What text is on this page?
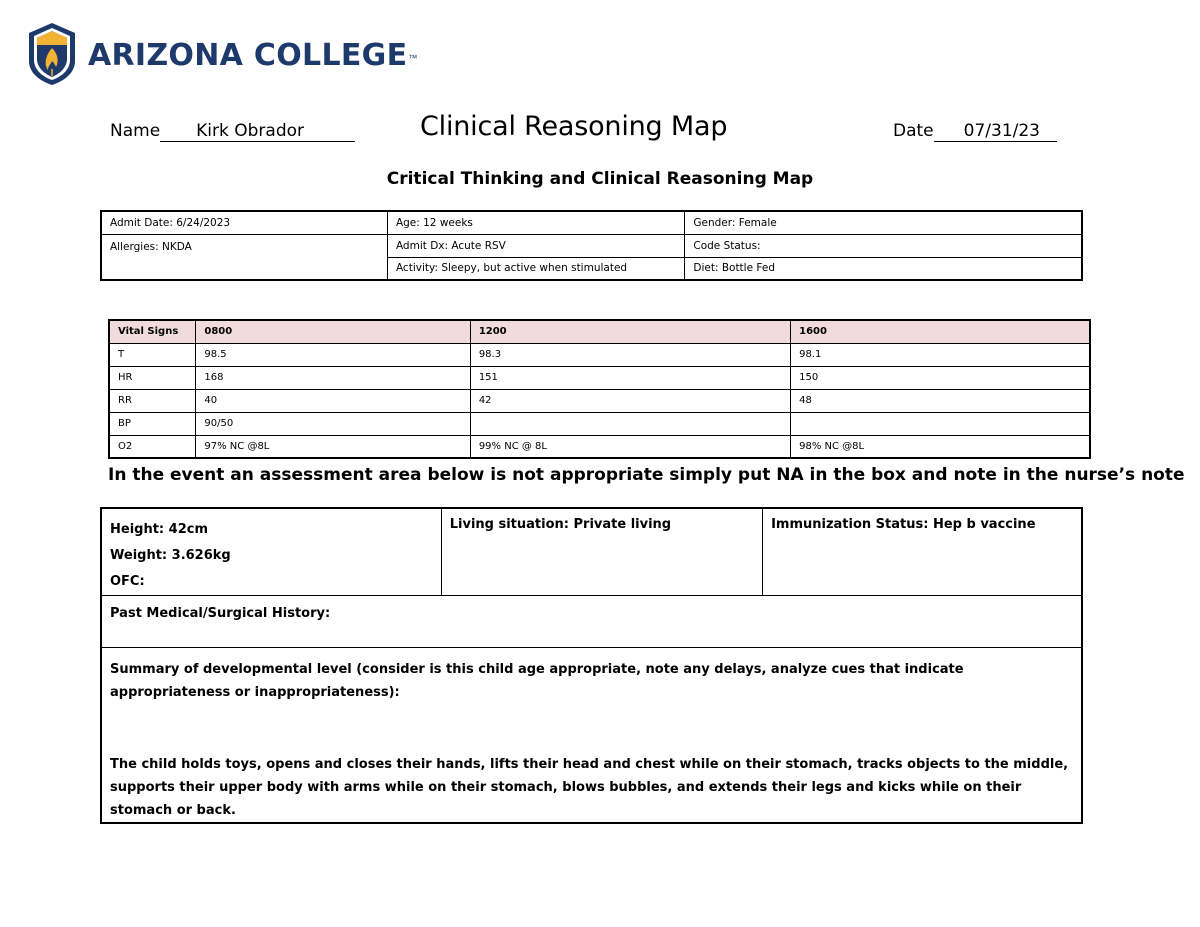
ARIZONA COLLEGE ™
Name	Kirk Obrador	Clinical Reasoning Map	Date	07/31/23
Critical Thinking and Clinical Reasoning Map
Admit Date: 6/24/2023	Age: 12 weeks	Gender: Female
Allergies: NKDA	Admit Dx: Acute RSV	Code Status:
	Activity: Sleepy, but active when stimulated	Diet: Bottle Fed
Vital Signs	0800	1200	1600
T	98.5	98.3	98.1
HR	168	151	150
RR	40	42	48
BP	90/50		
O2	97% NC @8L	99% NC @ 8L	98% NC @8L
In the event an assessment area below is not appropriate simply put NA in the box and note in the nurse’s note
Height: 42cm
Weight: 3.626kg
OFC:
	Living situation: Private living	Immunization Status: Hep b vaccine
Past Medical/Surgical History:

Summary of developmental level (consider is this child age appropriate, note any delays, analyze cues that indicate appropriateness or inappropriateness):
The child holds toys, opens and closes their hands, lifts their head and chest while on their stomach, tracks objects to the middle, supports their upper body with arms while on their stomach, blows bubbles, and extends their legs and kicks while on their stomach or back.
